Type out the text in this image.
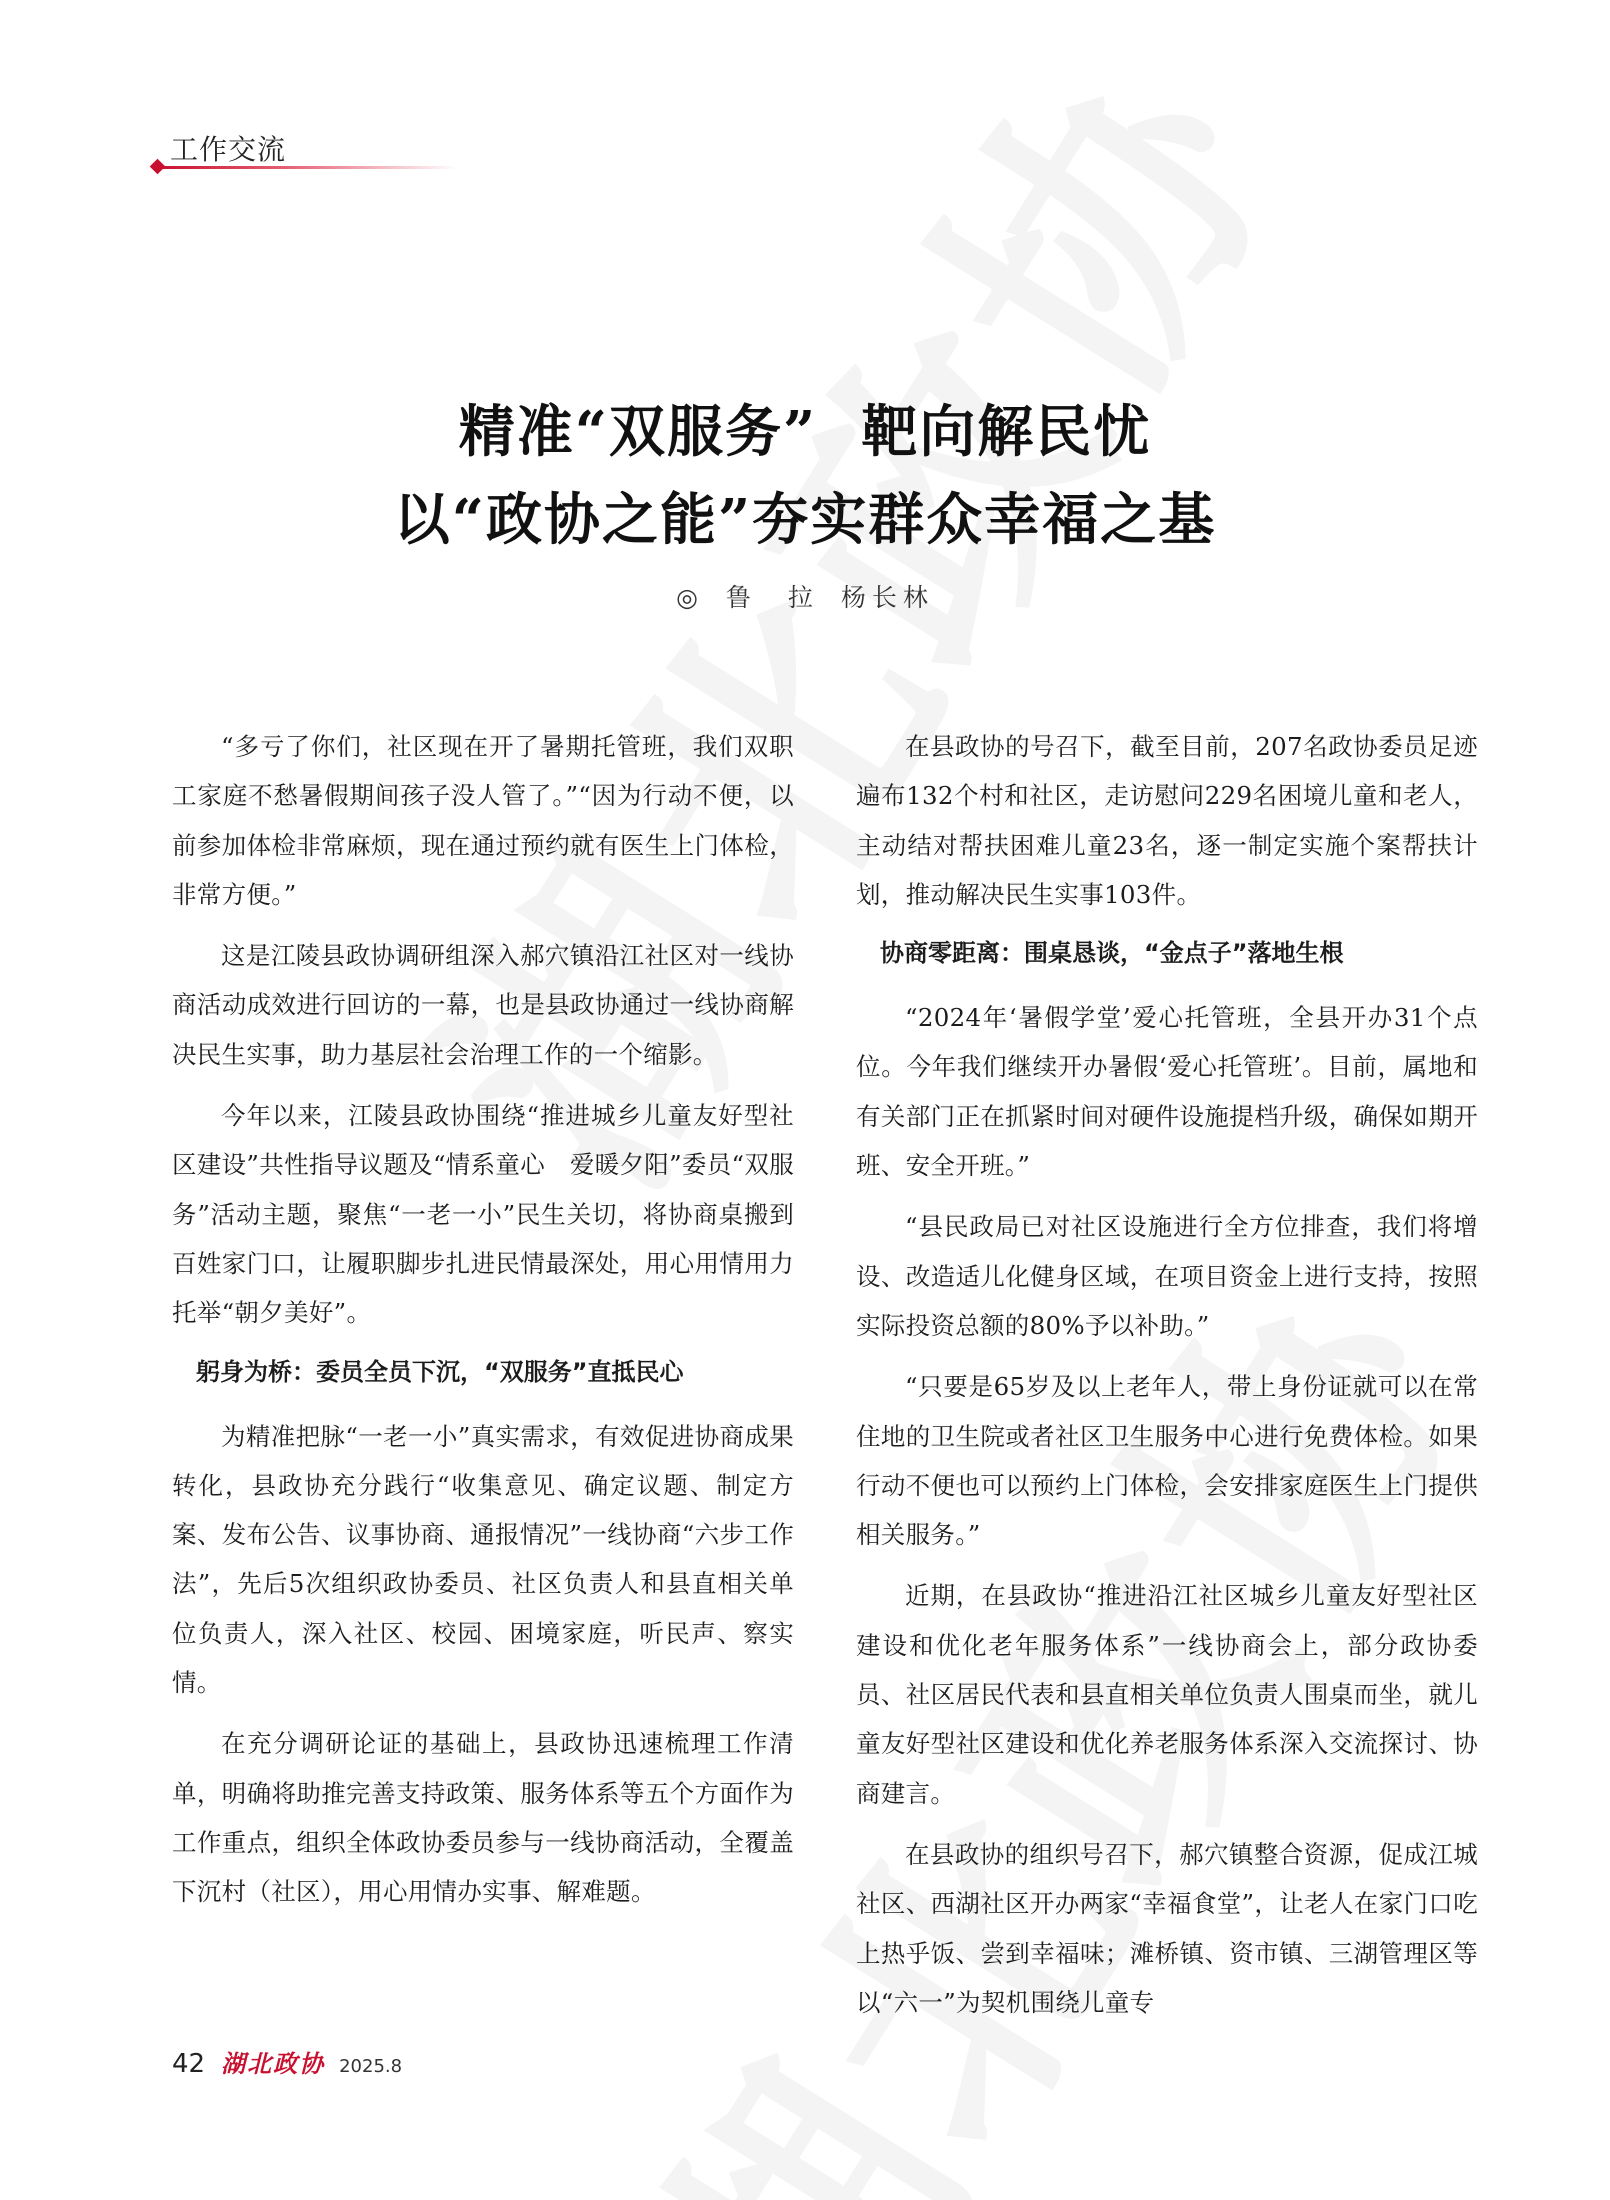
工作交流
精准“双服务” 靶向解民忧
以“政协之能”夯实群众幸福之基
◎ 鲁　拉 杨长林

“多亏了你们，社区现在开了暑期托管班，我们双职工家庭不愁暑假期间孩子没人管了。”“因为行动不便，以前参加体检非常麻烦，现在通过预约就有医生上门体检，非常方便。”

这是江陵县政协调研组深入郝穴镇沿江社区对一线协商活动成效进行回访的一幕，也是县政协通过一线协商解决民生实事，助力基层社会治理工作的一个缩影。

今年以来，江陵县政协围绕“推进城乡儿童友好型社区建设”共性指导议题及“情系童心　爱暖夕阳”委员“双服务”活动主题，聚焦“一老一小”民生关切，将协商桌搬到百姓家门口，让履职脚步扎进民情最深处，用心用情用力托举“朝夕美好”。

躬身为桥：委员全员下沉，“双服务”直抵民心

为精准把脉“一老一小”真实需求，有效促进协商成果转化，县政协充分践行“收集意见、确定议题、制定方案、发布公告、议事协商、通报情况”一线协商“六步工作法”，先后5次组织政协委员、社区负责人和县直相关单位负责人，深入社区、校园、困境家庭，听民声、察实情。

在充分调研论证的基础上，县政协迅速梳理工作清单，明确将助推完善支持政策、服务体系等五个方面作为工作重点，组织全体政协委员参与一线协商活动，全覆盖下沉村（社区），用心用情办实事、解难题。

在县政协的号召下，截至目前，207名政协委员足迹遍布132个村和社区，走访慰问229名困境儿童和老人，主动结对帮扶困难儿童23名，逐一制定实施个案帮扶计划，推动解决民生实事103件。

协商零距离：围桌恳谈，“金点子”落地生根

“2024年‘暑假学堂’爱心托管班，全县开办31个点位。今年我们继续开办暑假‘爱心托管班’。目前，属地和有关部门正在抓紧时间对硬件设施提档升级，确保如期开班、安全开班。”

“县民政局已对社区设施进行全方位排查，我们将增设、改造适儿化健身区域，在项目资金上进行支持，按照实际投资总额的80%予以补助。”

“只要是65岁及以上老年人，带上身份证就可以在常住地的卫生院或者社区卫生服务中心进行免费体检。如果行动不便也可以预约上门体检，会安排家庭医生上门提供相关服务。”

近期，在县政协“推进沿江社区城乡儿童友好型社区建设和优化老年服务体系”一线协商会上，部分政协委员、社区居民代表和县直相关单位负责人围桌而坐，就儿童友好型社区建设和优化养老服务体系深入交流探讨、协商建言。

在县政协的组织号召下，郝穴镇整合资源，促成江城社区、西湖社区开办两家“幸福食堂”，让老人在家门口吃上热乎饭、尝到幸福味；滩桥镇、资市镇、三湖管理区等以“六一”为契机围绕儿童专

42 湖北政协 2025.8
